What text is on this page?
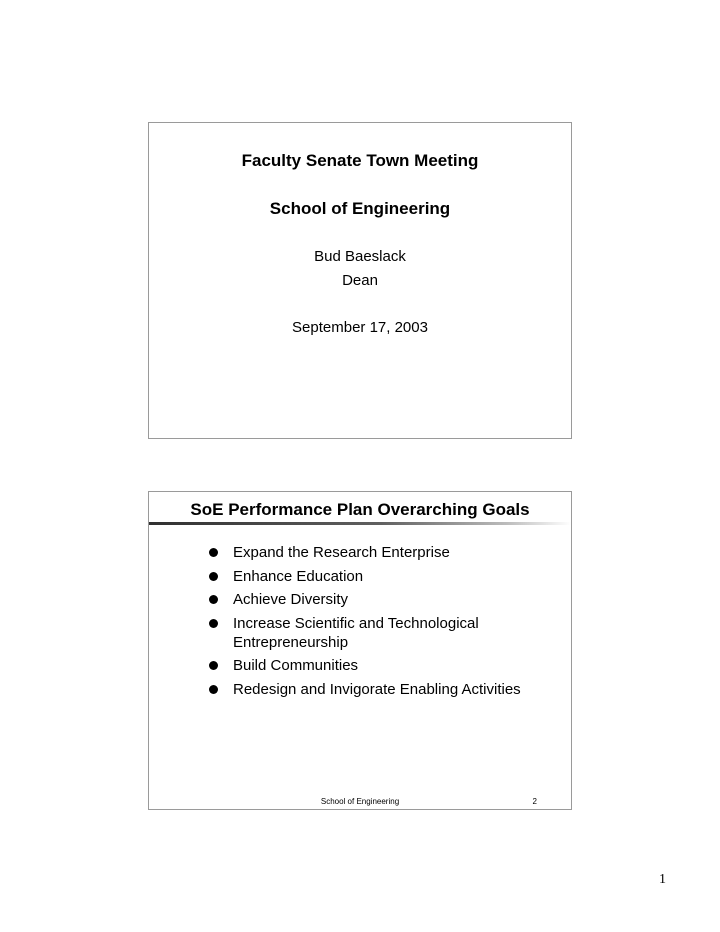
Faculty Senate Town Meeting
School of Engineering
Bud Baeslack
Dean
September 17, 2003
SoE Performance Plan Overarching Goals
Expand the Research Enterprise
Enhance Education
Achieve Diversity
Increase Scientific and Technological Entrepreneurship
Build Communities
Redesign and Invigorate Enabling Activities
School of Engineering	2
1
